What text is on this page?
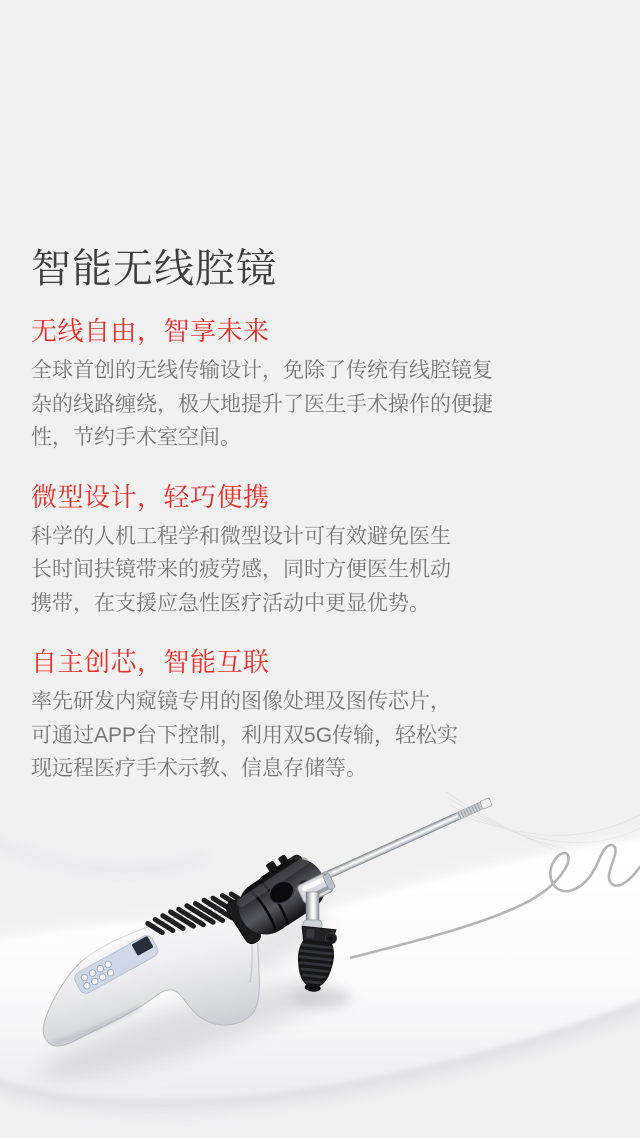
智能无线腔镜
无线自由，智享未来
全球首创的无线传输设计，免除了传统有线腔镜复
杂的线路缠绕，极大地提升了医生手术操作的便捷
性，节约手术室空间。
微型设计，轻巧便携
科学的人机工程学和微型设计可有效避免医生
长时间扶镜带来的疲劳感，同时方便医生机动
携带，在支援应急性医疗活动中更显优势。
自主创芯，智能互联
率先研发内窥镜专用的图像处理及图传芯片，
可通过APP台下控制，利用双5G传输，轻松实
现远程医疗手术示教、信息存储等。
